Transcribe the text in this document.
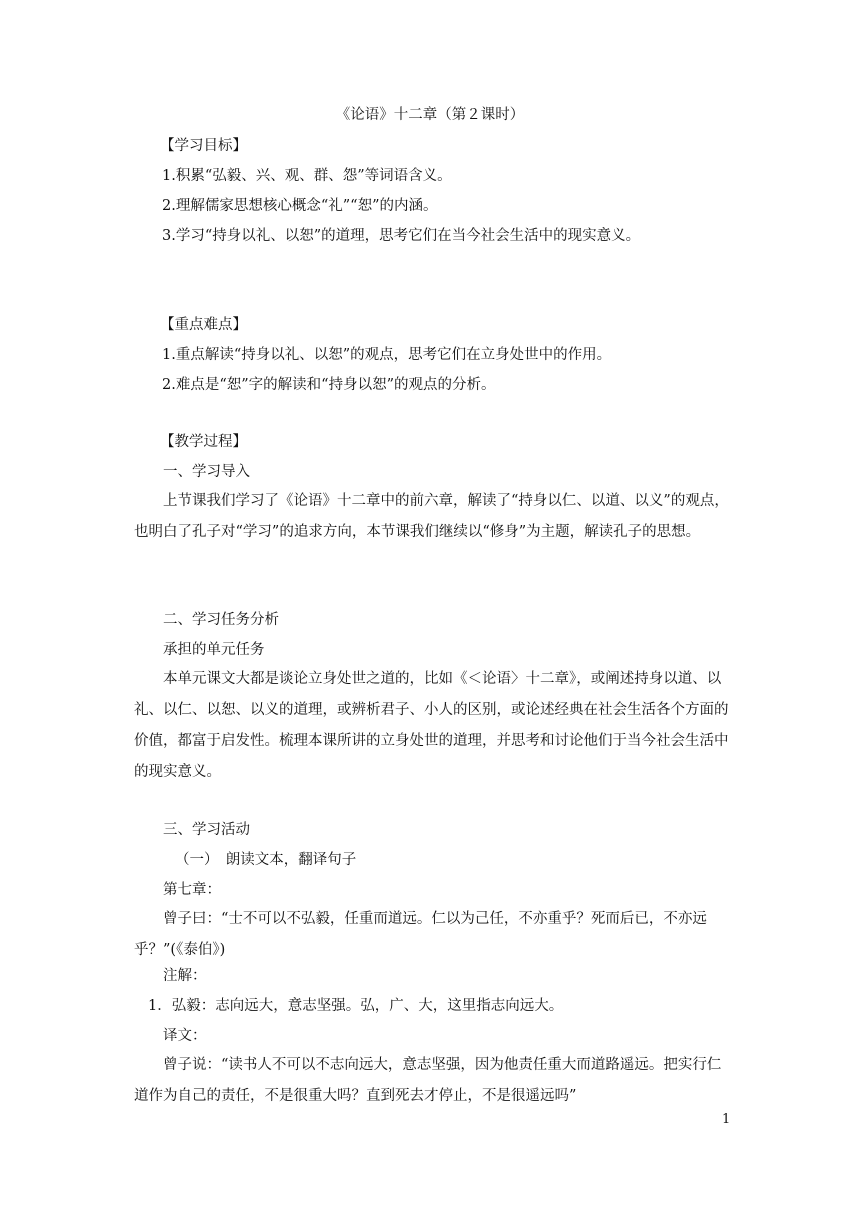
《论语》十二章（第２课时）
【学习目标】
1.积累“弘毅、兴、观、群、怨”等词语含义。
2.理解儒家思想核心概念“礼”“恕”的内涵。
3.学习“持身以礼、以恕”的道理，思考它们在当今社会生活中的现实意义。
【重点难点】
1.重点解读“持身以礼、以恕”的观点，思考它们在立身处世中的作用。
2.难点是“恕”字的解读和“持身以恕”的观点的分析。
【教学过程】
一、学习导入
上节课我们学习了《论语》十二章中的前六章，解读了“持身以仁、以道、以义”的观点，也明白了孔子对“学习”的追求方向，本节课我们继续以“修身”为主题，解读孔子的思想。
二、学习任务分析
承担的单元任务
本单元课文大都是谈论立身处世之道的，比如《＜论语〉十二章》，或阐述持身以道、以礼、以仁、以恕、以义的道理，或辨析君子、小人的区别，或论述经典在社会生活各个方面的价值，都富于启发性。梳理本课所讲的立身处世的道理，并思考和讨论他们于当今社会生活中的现实意义。
三、学习活动
（一）　朗读文本，翻译句子
第七章：
曾子曰：“士不可以不弘毅，任重而道远。仁以为己任，不亦重乎？死而后已，不亦远乎？”(《泰伯》)
注解：
1．弘毅：志向远大，意志坚强。弘，广、大，这里指志向远大。
译文：
曾子说：“读书人不可以不志向远大，意志坚强，因为他责任重大而道路遥远。把实行仁道作为自己的责任，不是很重大吗？直到死去才停止，不是很遥远吗”
1
